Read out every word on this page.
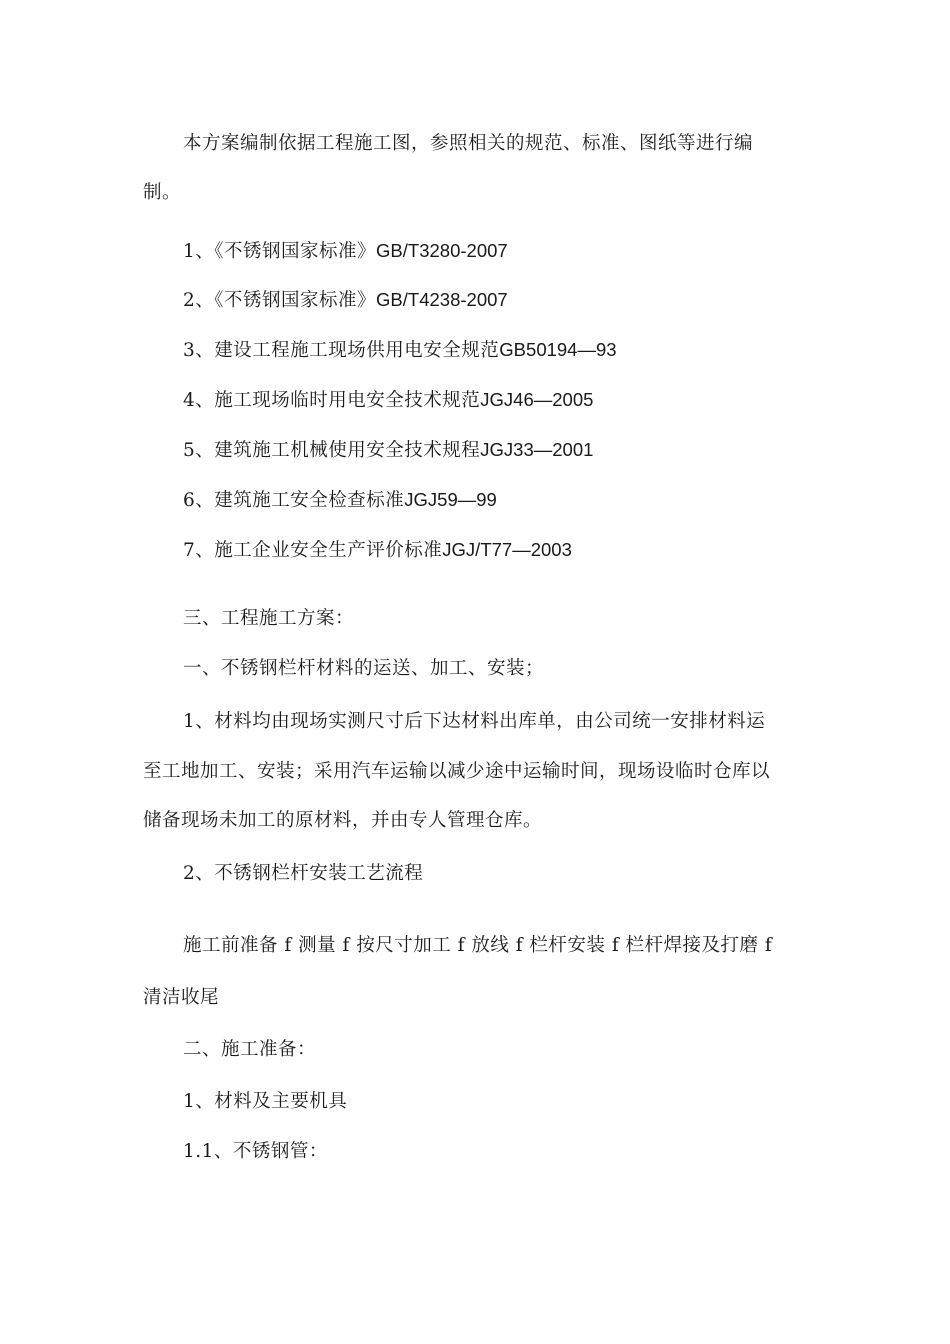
本方案编制依据工程施工图，参照相关的规范、标准、图纸等进行编
制。
1、《不锈钢国家标准》GB/T3280-2007
2、《不锈钢国家标准》GB/T4238-2007
3、建设工程施工现场供用电安全规范GB50194—93
4、施工现场临时用电安全技术规范JGJ46—2005
5、建筑施工机械使用安全技术规程JGJ33—2001
6、建筑施工安全检查标准JGJ59—99
7、施工企业安全生产评价标准JGJ/T77—2003
三、工程施工方案：
一、不锈钢栏杆材料的运送、加工、安装；
1、材料均由现场实测尺寸后下达材料出库单，由公司统一安排材料运
至工地加工、安装；采用汽车运输以减少途中运输时间，现场设临时仓库以
储备现场未加工的原材料，并由专人管理仓库。
2、不锈钢栏杆安装工艺流程
施工前准备 f 测量 f 按尺寸加工 f 放线 f 栏杆安装 f 栏杆焊接及打磨 f
清洁收尾
二、施工准备：
1、材料及主要机具
1.1、不锈钢管：
